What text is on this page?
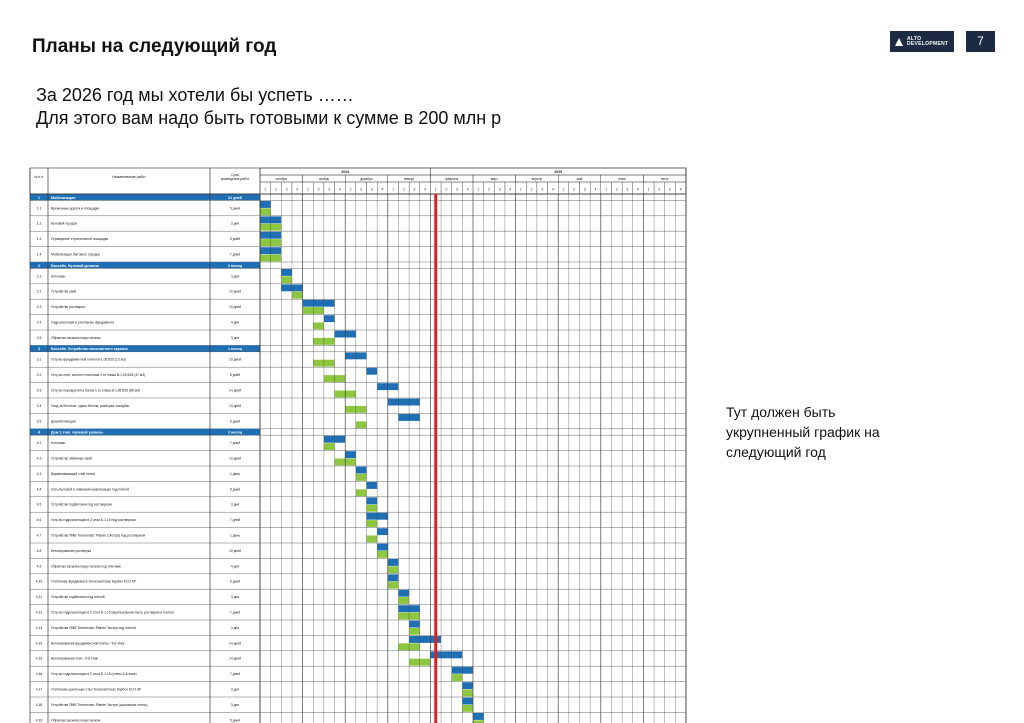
Планы на следующий год	ALTO DEVELOPMENT	7
За 2026 год мы хотели бы успеть ……
Для этого вам надо быть готовыми к сумме в 200 млн р
№ п.п.	Наименование работ	Срок
проведения работ
2024	2025
октябрь	ноябрь	декабрь	январь	февраль	март	апрель	май	июнь	июль
1	2	3	4	1	2	3	4	1	2	3	4	1	2	3	4	1	2	3	4	1	2	3	4	1	2	3	4	1	2	3	4	1	2	3	4	1	2	3	4
1	Мобилизация	21 дней
1.1	Временные дороги и площадки	5 дней
1.2	Бытовой городок	3 дня
1.3	Ограждение строительной площадки	5 дней
1.4	Мобилизация бытового городка	7 дней
2	Бассейн. Нулевой уровень	2 месяц
2.1	Котлован	3 дня
2.2	Устройство свай	10 дней
2.3	Устройство ростверка	10 дней
2.4	Гидроизоляция и утепление фундамента	4 дня
2.5	Обратная засыпка пазух песком	3 дня
3	Бассейн. Устройство монолитного каркаса	1 месяц
3.1	Устр-во фундаментной плиты В-1,05 В25 (13 м3)	10 дней
3.2	Устр-во стен, колонн и пилонов 1-го этажа В-1,05 В25 (47 м3)	8 дней
3.3	Устр-во перекрытия и балок 1-го этажа В-1,05 В25 (86 м3)	14 дней
3.4	Уход за бетоном, сдача бетона, разборка опалубки	10 дней
3.5	Демобилизация	5 дней
4	Дом 1 этап. Нулевой уровень	2 месяц
4.1	Котлован	7 дней
4.2	Устройство забивных свай	10 дней
4.3	Выравнивающий слой песка	1 день
4.4	Сеть бытовой и ливневой канализации под плитой	5 дней
4.5	Устройство подбетонки под ростверком	3 дня
4.6	Устр-во гидроизоляции в 2 слоя Б-1,15 под ростверком	7 дней
4.7	Устройство ПМВ Техноэласт Planter (Экстра) под ростверком	1 день
4.8	Бетонирование ростверка	10 дней
4.9	Обратная засыпка пазух песком под плитами	4 дня
4.10	Утепление фундамента Техноэкоплекс Карбон ECO SP	5 дней
4.11	Устройство подбетонки под плитой	3 дня
4.12	Устр-во гидроизоляции в 2 слоя Б-1,15 (вертикальная часть ростверка и плиты)	7 дней
4.13	Устройство ПМВ Техноэласт Planter Экстра под плитой	3 дня
4.14	Бетонирование фундаментной плиты - 5-й этаж	14 дней
4.15	Бетонирование стен - 5-й этаж	14 дней
4.16	Устр-во гидроизоляции в 2 слоя Б-1,15 (стены 5-й этаж)	7 дней
4.17	Утепление цокольных стен Техноэкоплекс Карбон ECO SP	3 дня
4.18	Устройство ПМВ Техноэласт Planter Экстра (цокольные стены)	3 дня
4.19	Обратная засыпка пазух песком	5 дней
Тут должен быть
укрупненный график на
следующий год
